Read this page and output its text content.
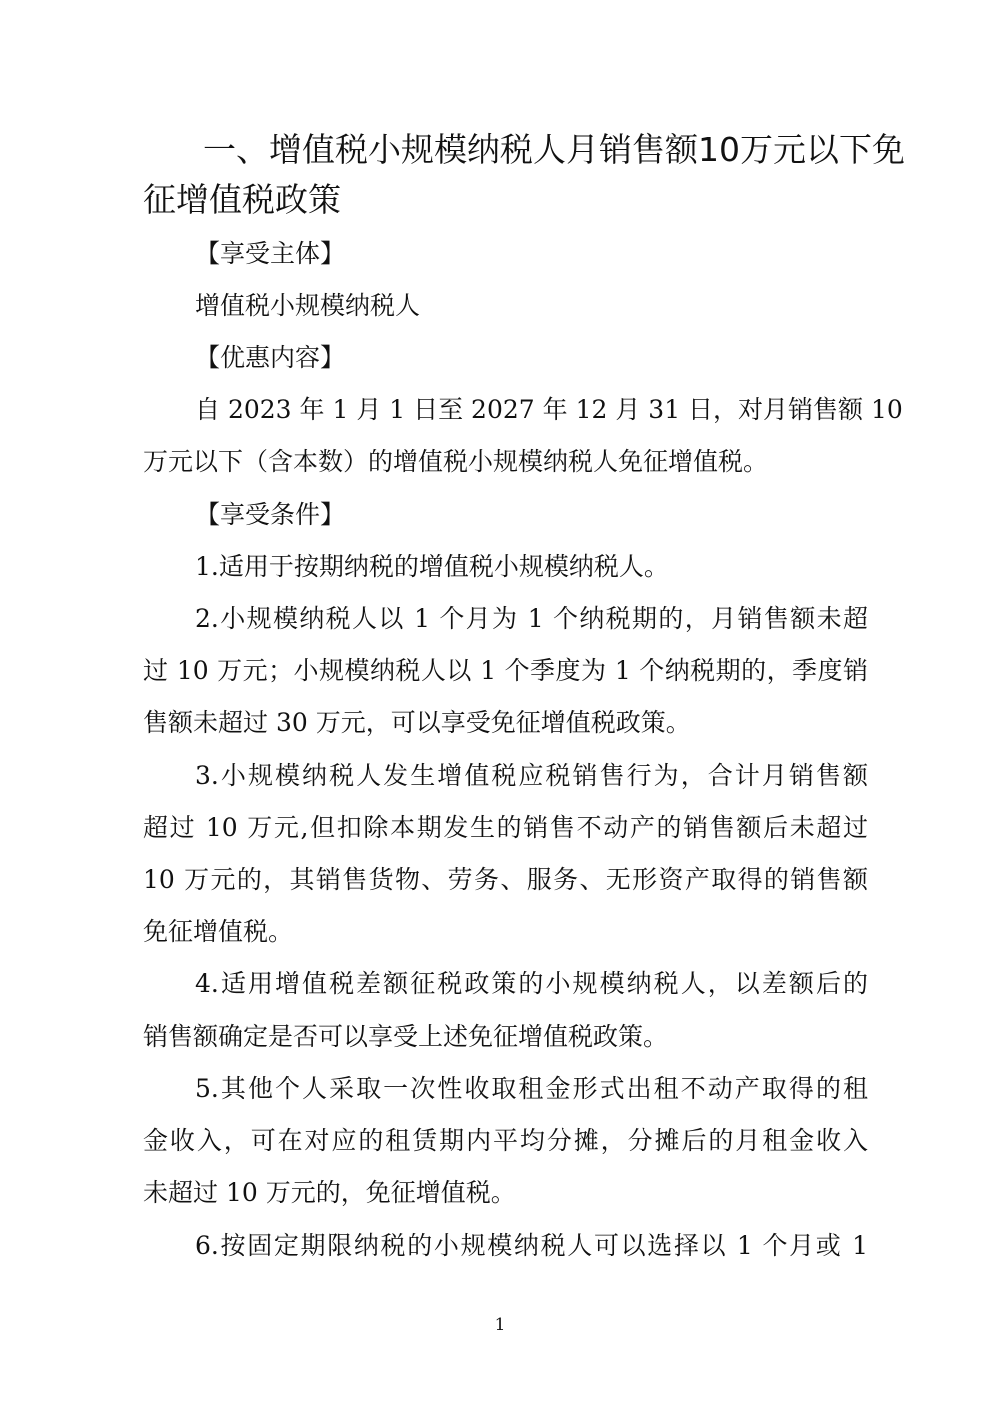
一、增值税小规模纳税人月销售额10万元以下免
征增值税政策
【享受主体】
增值税小规模纳税人
【优惠内容】
自 2023 年 1 月 1 日至 2027 年 12 月 31 日，对月销售额 10
万元以下（含本数）的增值税小规模纳税人免征增值税。
【享受条件】
1.适用于按期纳税的增值税小规模纳税人。
2.小规模纳税人以 1 个月为 1 个纳税期的，月销售额未超
过 10 万元；小规模纳税人以 1 个季度为 1 个纳税期的，季度销
售额未超过 30 万元，可以享受免征增值税政策。
3.小规模纳税人发生增值税应税销售行为，合计月销售额
超过 10 万元,但扣除本期发生的销售不动产的销售额后未超过
10 万元的，其销售货物、劳务、服务、无形资产取得的销售额
免征增值税。
4.适用增值税差额征税政策的小规模纳税人，以差额后的
销售额确定是否可以享受上述免征增值税政策。
5.其他个人采取一次性收取租金形式出租不动产取得的租
金收入，可在对应的租赁期内平均分摊，分摊后的月租金收入
未超过 10 万元的，免征增值税。
6.按固定期限纳税的小规模纳税人可以选择以 1 个月或 1
1
